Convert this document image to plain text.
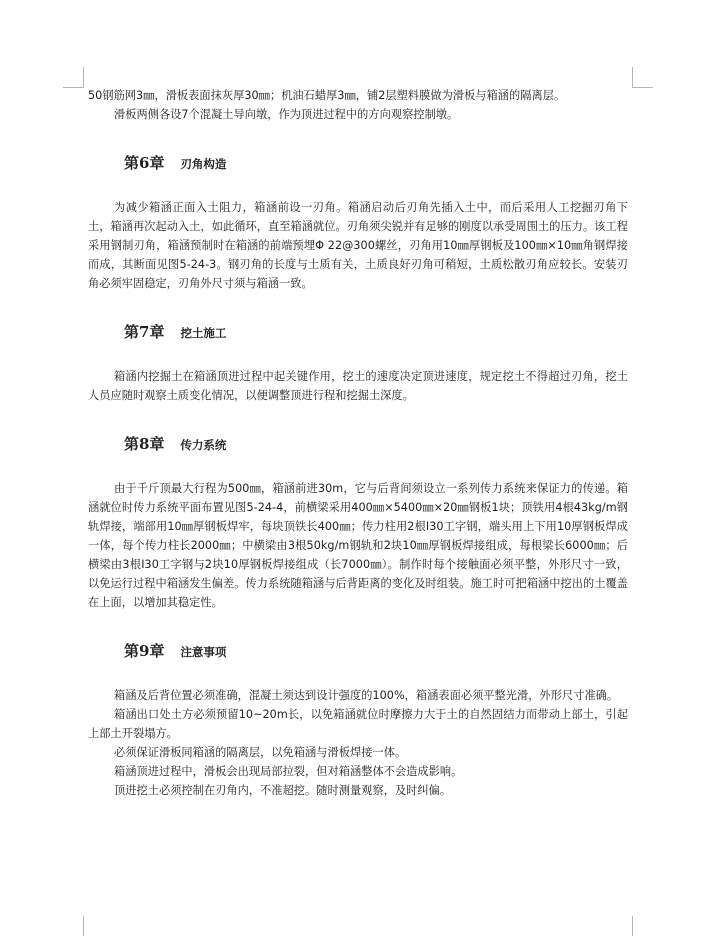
50钢筋网3㎜，滑板表面抹灰厚30㎜；机油石蜡厚3㎜，铺2层塑料膜做为滑板与箱涵的隔离层。

滑板两侧各设7个混凝土导向墩，作为顶进过程中的方向观察控制墩。

第6章 刃角构造

为减少箱涵正面入土阻力，箱涵前设一刃角。箱涵启动后刃角先插入土中，而后采用人工挖掘刃角下土，箱涵再次起动入土，如此循环，直至箱涵就位。刃角须尖锐并有足够的刚度以承受周围土的压力。该工程采用钢制刃角，箱涵预制时在箱涵的前端预埋Φ 22@300螺丝，刃角用10㎜厚钢板及100㎜×10㎜角钢焊接而成，其断面见图5-24-3。钢刃角的长度与土质有关，土质良好刃角可稍短，土质松散刃角应较长。安装刃角必须牢固稳定，刃角外尺寸须与箱涵一致。

第7章 挖土施工

箱涵内挖掘土在箱涵顶进过程中起关键作用，挖土的速度决定顶进速度，规定挖土不得超过刃角，挖土人员应随时观察土质变化情况，以便调整顶进行程和挖掘土深度。

第8章 传力系统

由于千斤顶最大行程为500㎜，箱涵前进30m，它与后背间须设立一系列传力系统来保证力的传递。箱涵就位时传力系统平面布置见图5-24-4，前横梁采用400㎜×5400㎜×20㎜钢板1块；顶铁用4根43kg/m钢轨焊接，端部用10㎜厚钢板焊牢，每块顶铁长400㎜；传力柱用2根I30工字钢，端头用上下用10厚钢板焊成一体，每个传力柱长2000㎜；中横梁由3根50kg/m钢轨和2块10㎜厚钢板焊接组成，每根梁长6000㎜；后横梁由3根I30工字钢与2块10厚钢板焊接组成（长7000㎜）。制作时每个接触面必须平整，外形尺寸一致，以免运行过程中箱涵发生偏差。传力系统随箱涵与后背距离的变化及时组装。施工时可把箱涵中挖出的土覆盖在上面，以增加其稳定性。

第9章 注意事项

箱涵及后背位置必须准确，混凝土须达到设计强度的100%，箱涵表面必须平整光滑，外形尺寸准确。

箱涵出口处土方必须预留10~20m长，以免箱涵就位时摩擦力大于土的自然固结力而带动上部土，引起上部土开裂塌方。

必须保证滑板同箱涵的隔离层，以免箱涵与滑板焊接一体。

箱涵顶进过程中，滑板会出现局部拉裂，但对箱涵整体不会造成影响。

顶进挖土必须控制在刃角内，不准超挖。随时测量观察，及时纠偏。
